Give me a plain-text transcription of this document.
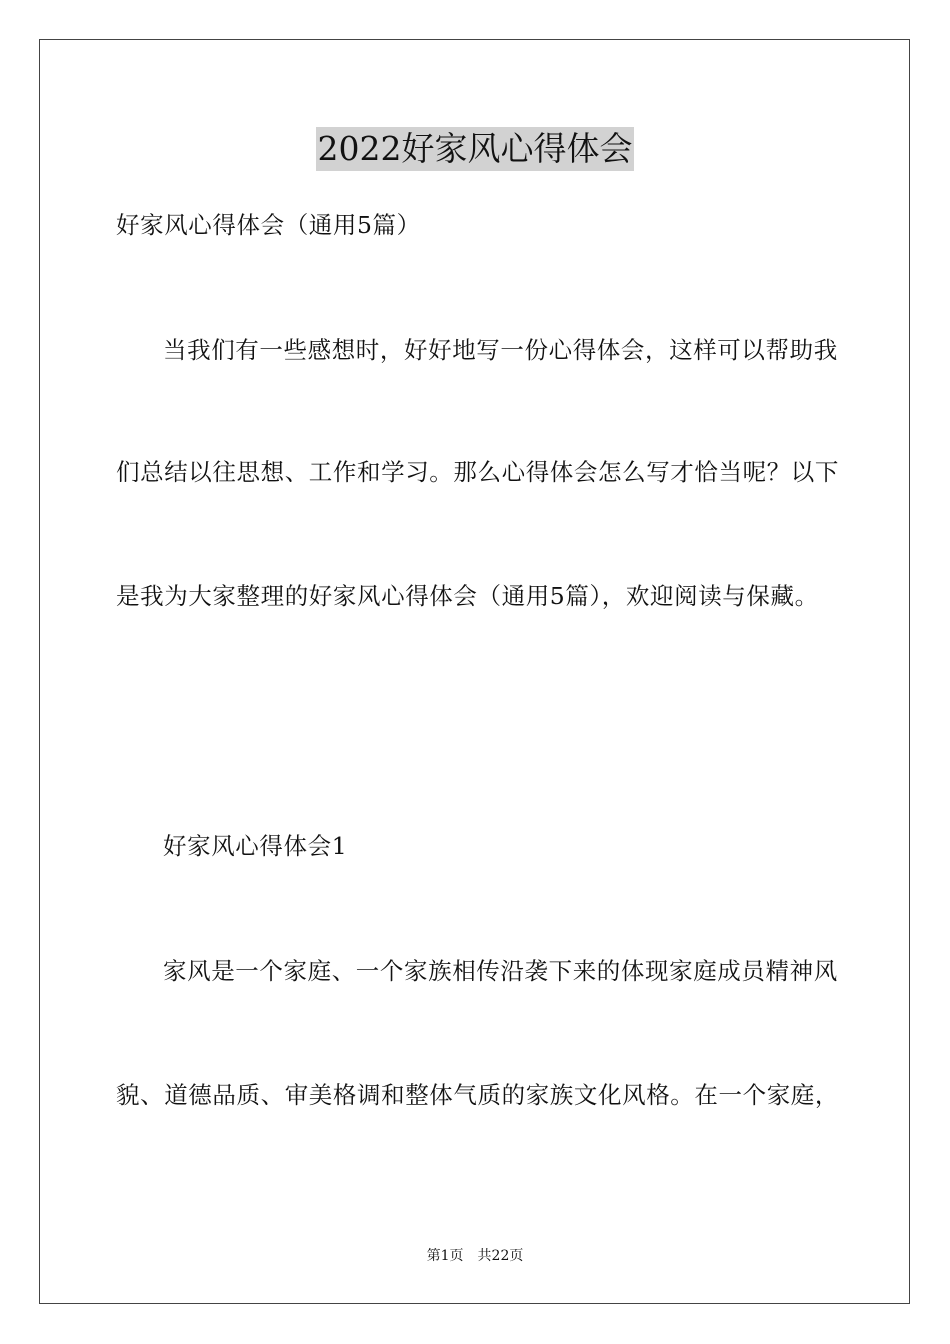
2022好家风心得体会
好家风心得体会（通用5篇）
当我们有一些感想时，好好地写一份心得体会，这样可以帮助我
们总结以往思想、工作和学习。那么心得体会怎么写才恰当呢？以下
是我为大家整理的好家风心得体会（通用5篇），欢迎阅读与保藏。
好家风心得体会1
家风是一个家庭、一个家族相传沿袭下来的体现家庭成员精神风
貌、道德品质、审美格调和整体气质的家族文化风格。在一个家庭，
第1页　共22页
